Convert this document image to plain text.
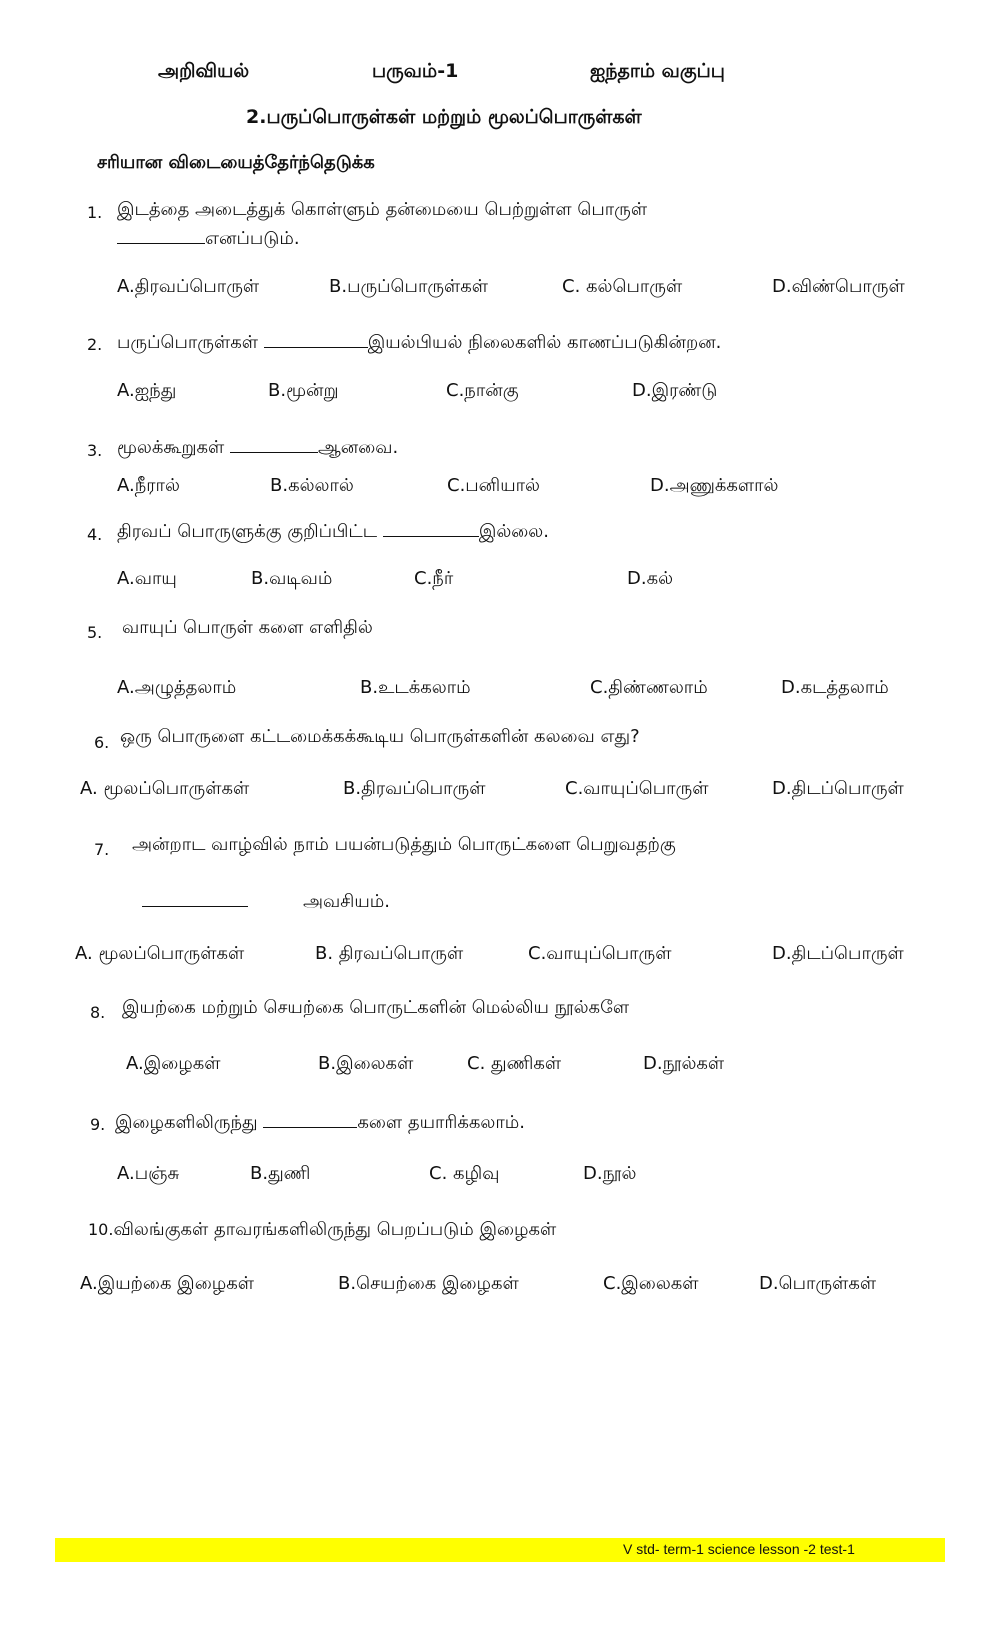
அறிவியல்	பருவம்-1	ஐந்தாம் வகுப்பு
2.பருப்பொருள்கள் மற்றும் மூலப்பொருள்கள்
சரியான விடையைத்தேர்ந்தெடுக்க
1. இடத்தை அடைத்துக் கொள்ளும் தன்மையை பெற்றுள்ள பொருள்
எனப்படும்.
A.திரவப்பொருள்	B.பருப்பொருள்கள்	C. கல்பொருள்	D.விண்பொருள்
2. பருப்பொருள்கள்	இயல்பியல் நிலைகளில் காணப்படுகின்றன.
A.ஐந்து	B.மூன்று	C.நான்கு	D.இரண்டு
3. மூலக்கூறுகள்	ஆனவை.
A.நீரால்	B.கல்லால்	C.பனியால்	D.அணுக்களால்
4. திரவப் பொருளுக்கு குறிப்பிட்ட	இல்லை.
A.வாயு	B.வடிவம்	C.நீர்	D.கல்
5. வாயுப் பொருள் களை எளிதில்
A.அழுத்தலாம்	B.உடக்கலாம்	C.திண்ணலாம்	D.கடத்தலாம்
6. ஒரு பொருளை கட்டமைக்கக்கூடிய பொருள்களின் கலவை எது?
A. மூலப்பொருள்கள்	B.திரவப்பொருள்	C.வாயுப்பொருள்	D.திடப்பொருள்
7. அன்றாட வாழ்வில் நாம் பயன்படுத்தும் பொருட்களை பெறுவதற்கு
அவசியம்.
A. மூலப்பொருள்கள்	B. திரவப்பொருள்	C.வாயுப்பொருள்	D.திடப்பொருள்
8. இயற்கை மற்றும் செயற்கை பொருட்களின் மெல்லிய நூல்களே
A.இழைகள்	B.இலைகள்	C. துணிகள்	D.நூல்கள்
9. இழைகளிலிருந்து	களை தயாரிக்கலாம்.
A.பஞ்சு	B.துணி	C. கழிவு	D.நூல்
10.விலங்குகள் தாவரங்களிலிருந்து பெறப்படும் இழைகள்
A.இயற்கை இழைகள்	B.செயற்கை இழைகள்	C.இலைகள்	D.பொருள்கள்
V std- term-1 science lesson -2 test-1
